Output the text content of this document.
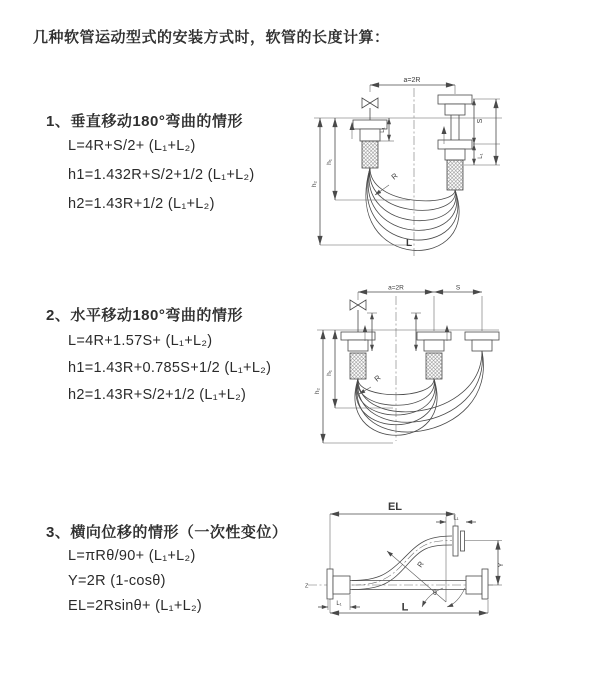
几种软管运动型式的安装方式时，软管的长度计算：
1、垂直移动180°弯曲的情形
L=4R+S/2+ (L₁+L₂)
h1=1.432R+S/2+1/2 (L₁+L₂)
h2=1.43R+1/2 (L₁+L₂)
2、水平移动180°弯曲的情形
L=4R+1.57S+ (L₁+L₂)
h1=1.43R+0.785S+1/2 (L₁+L₂)
h2=1.43R+S/2+1/2 (L₁+L₂)
3、横向位移的情形（一次性变位）
L=πRθ/90+ (L₁+L₂)
Y=2R (1-cosθ)
EL=2Rsinθ+ (L₁+L₂)
a=2R
h₂
h₁
L₁
S
L₁
R
L
a=2R	S
h₂
h₁
R
EL
L₁
Z
Y
R
θ
L₁	L
